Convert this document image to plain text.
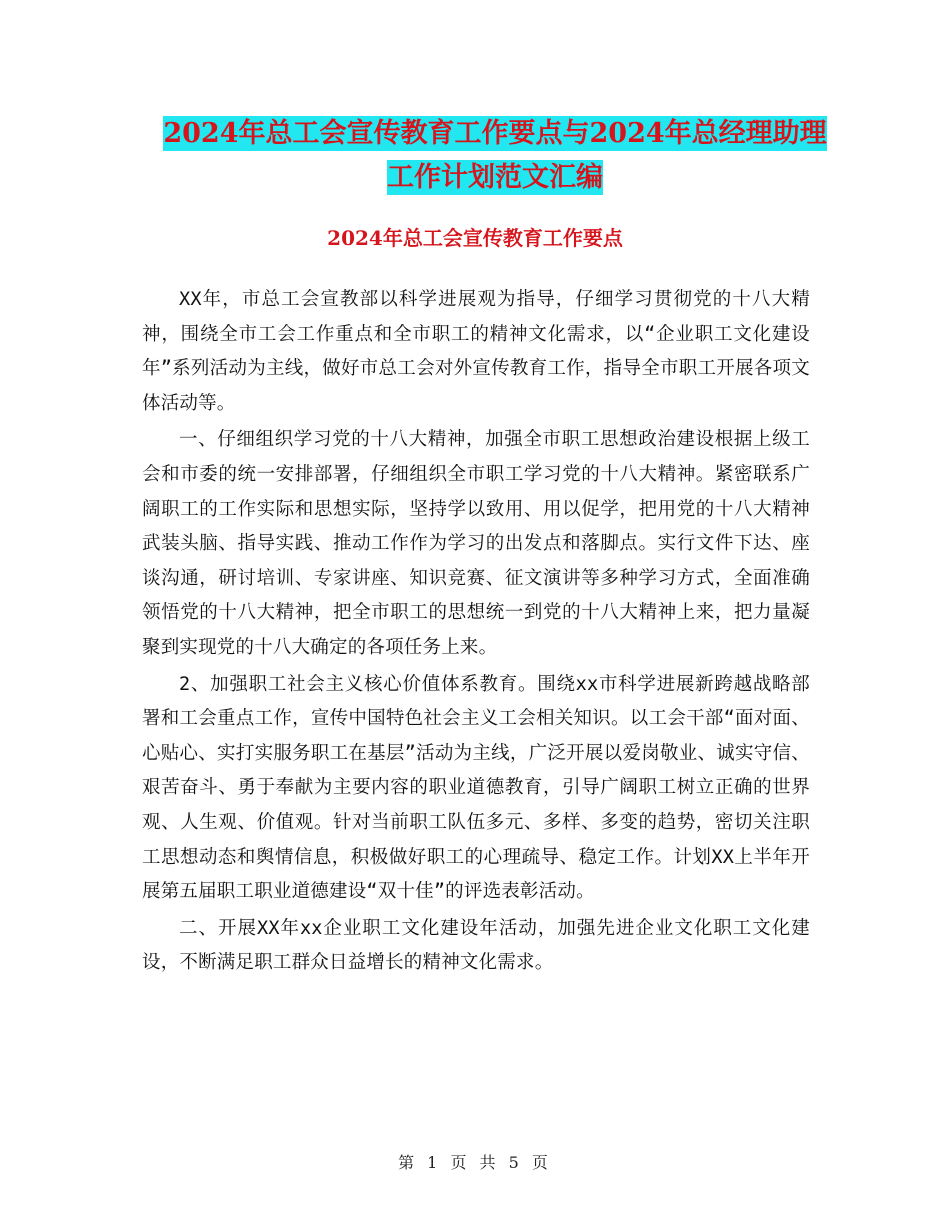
2024年总工会宣传教育工作要点与2024年总经理助理
工作计划范文汇编
2024年总工会宣传教育工作要点

XX年，市总工会宣教部以科学进展观为指导，仔细学习贯彻党的十八大精神，围绕全市工会工作重点和全市职工的精神文化需求，以“企业职工文化建设年”系列活动为主线，做好市总工会对外宣传教育工作，指导全市职工开展各项文体活动等。

一、仔细组织学习党的十八大精神，加强全市职工思想政治建设根据上级工会和市委的统一安排部署，仔细组织全市职工学习党的十八大精神。紧密联系广阔职工的工作实际和思想实际，坚持学以致用、用以促学，把用党的十八大精神武装头脑、指导实践、推动工作作为学习的出发点和落脚点。实行文件下达、座谈沟通，研讨培训、专家讲座、知识竞赛、征文演讲等多种学习方式，全面准确领悟党的十八大精神，把全市职工的思想统一到党的十八大精神上来，把力量凝聚到实现党的十八大确定的各项任务上来。

2、加强职工社会主义核心价值体系教育。围绕xx市科学进展新跨越战略部署和工会重点工作，宣传中国特色社会主义工会相关知识。以工会干部“面对面、心贴心、实打实服务职工在基层”活动为主线，广泛开展以爱岗敬业、诚实守信、艰苦奋斗、勇于奉献为主要内容的职业道德教育，引导广阔职工树立正确的世界观、人生观、价值观。针对当前职工队伍多元、多样、多变的趋势，密切关注职工思想动态和舆情信息，积极做好职工的心理疏导、稳定工作。计划XX上半年开展第五届职工职业道德建设“双十佳”的评选表彰活动。

二、开展XX年xx企业职工文化建设年活动，加强先进企业文化职工文化建设，不断满足职工群众日益增长的精神文化需求。

第 1 页 共 5 页
